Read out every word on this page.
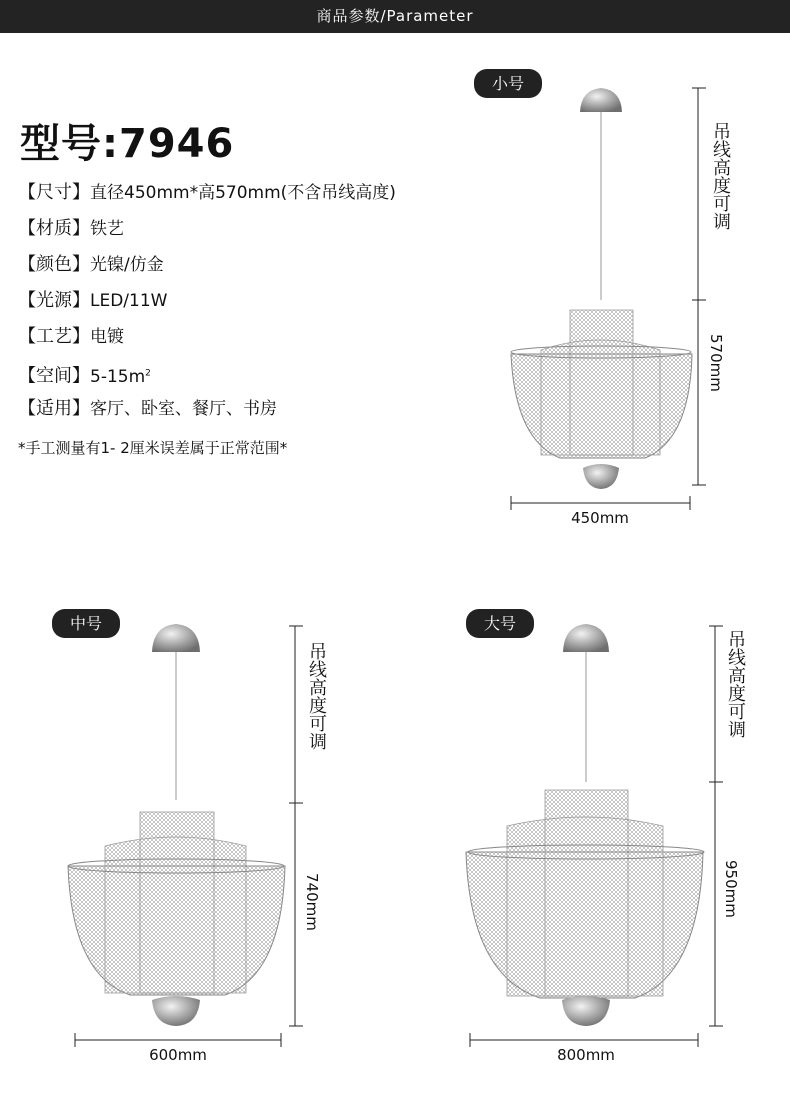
商品参数/Parameter
型号:7946
【尺寸】直径450mm*高570mm(不含吊线高度)
【材质】铁艺
【颜色】光镍/仿金
【光源】LED/11W
【工艺】电镀
【空间】$5-15m^2$
【适用】客厅、卧室、餐厅、书房
*手工测量有1- 2厘米误差属于正常范围*
小号
中号	大号
吊线高度可调
570mm
吊线高度可调
740mm
吊线高度可调
950mm
450mm
600mm	800mm
